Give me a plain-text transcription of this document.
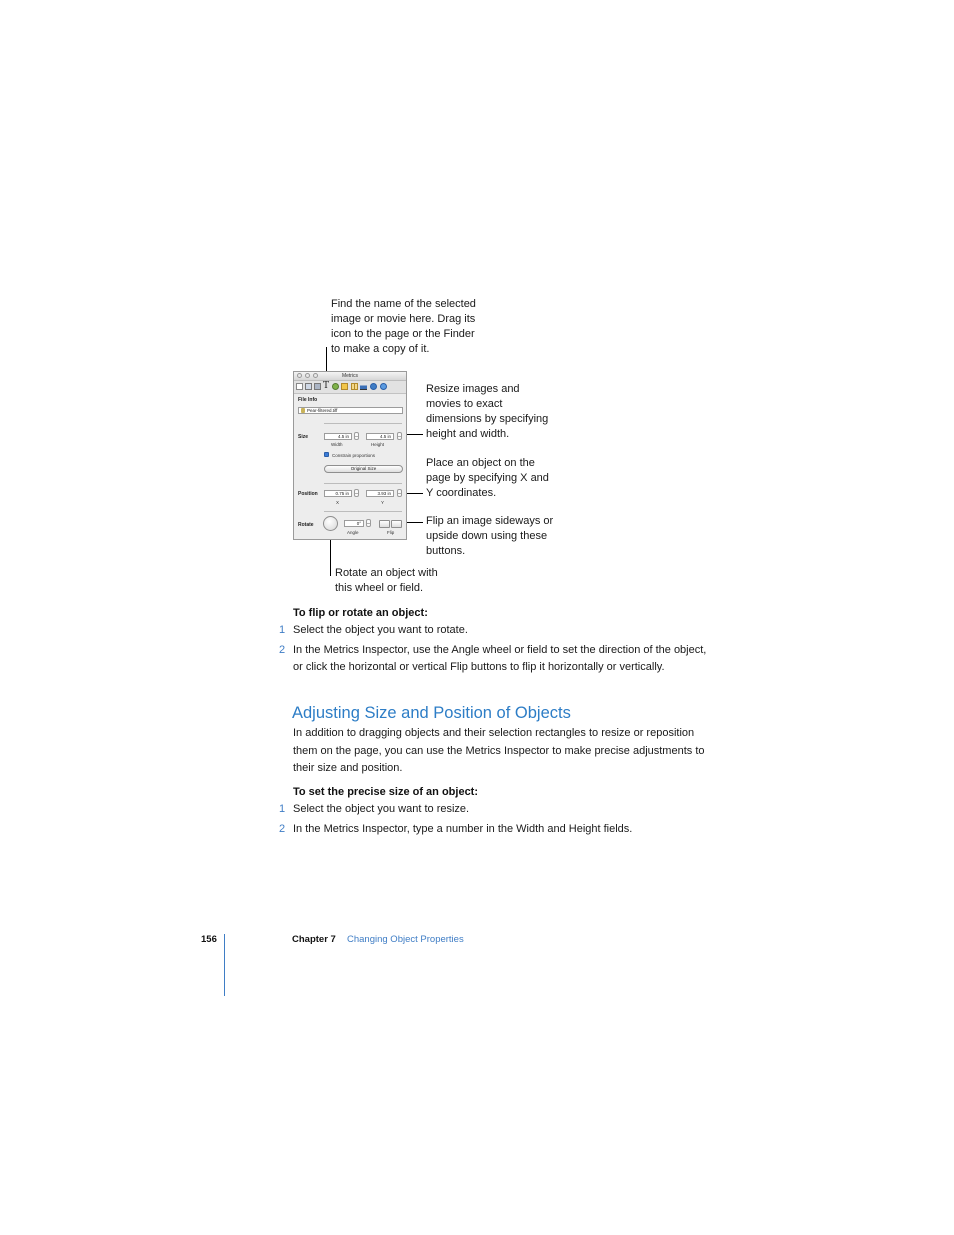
Find the name of the selected
image or movie here. Drag its
icon to the page or the Finder
to make a copy of it.
Resize images and
movies to exact
dimensions by specifying
height and width.
Place an object on the
page by specifying X and
Y coordinates.
Flip an image sideways or
upside down using these
buttons.
Rotate an object with
this wheel or field.
Metrics
T
File Info
Pear-filtered.tiff
Size	4.5 in
Width
4.5 in
Height
Constrain proportions
Original Size
Position	0.75 in
X
3.93 in
Y
Rotate	0°
Angle	Flip
To flip or rotate an object:
1 Select the object you want to rotate.
2 In the Metrics Inspector, use the Angle wheel or field to set the direction of the object,
or click the horizontal or vertical Flip buttons to flip it horizontally or vertically.
Adjusting Size and Position of Objects
In addition to dragging objects and their selection rectangles to resize or reposition
them on the page, you can use the Metrics Inspector to make precise adjustments to
their size and position.
To set the precise size of an object:
1 Select the object you want to resize.
2 In the Metrics Inspector, type a number in the Width and Height fields.
156	Chapter 7 Changing Object Properties
